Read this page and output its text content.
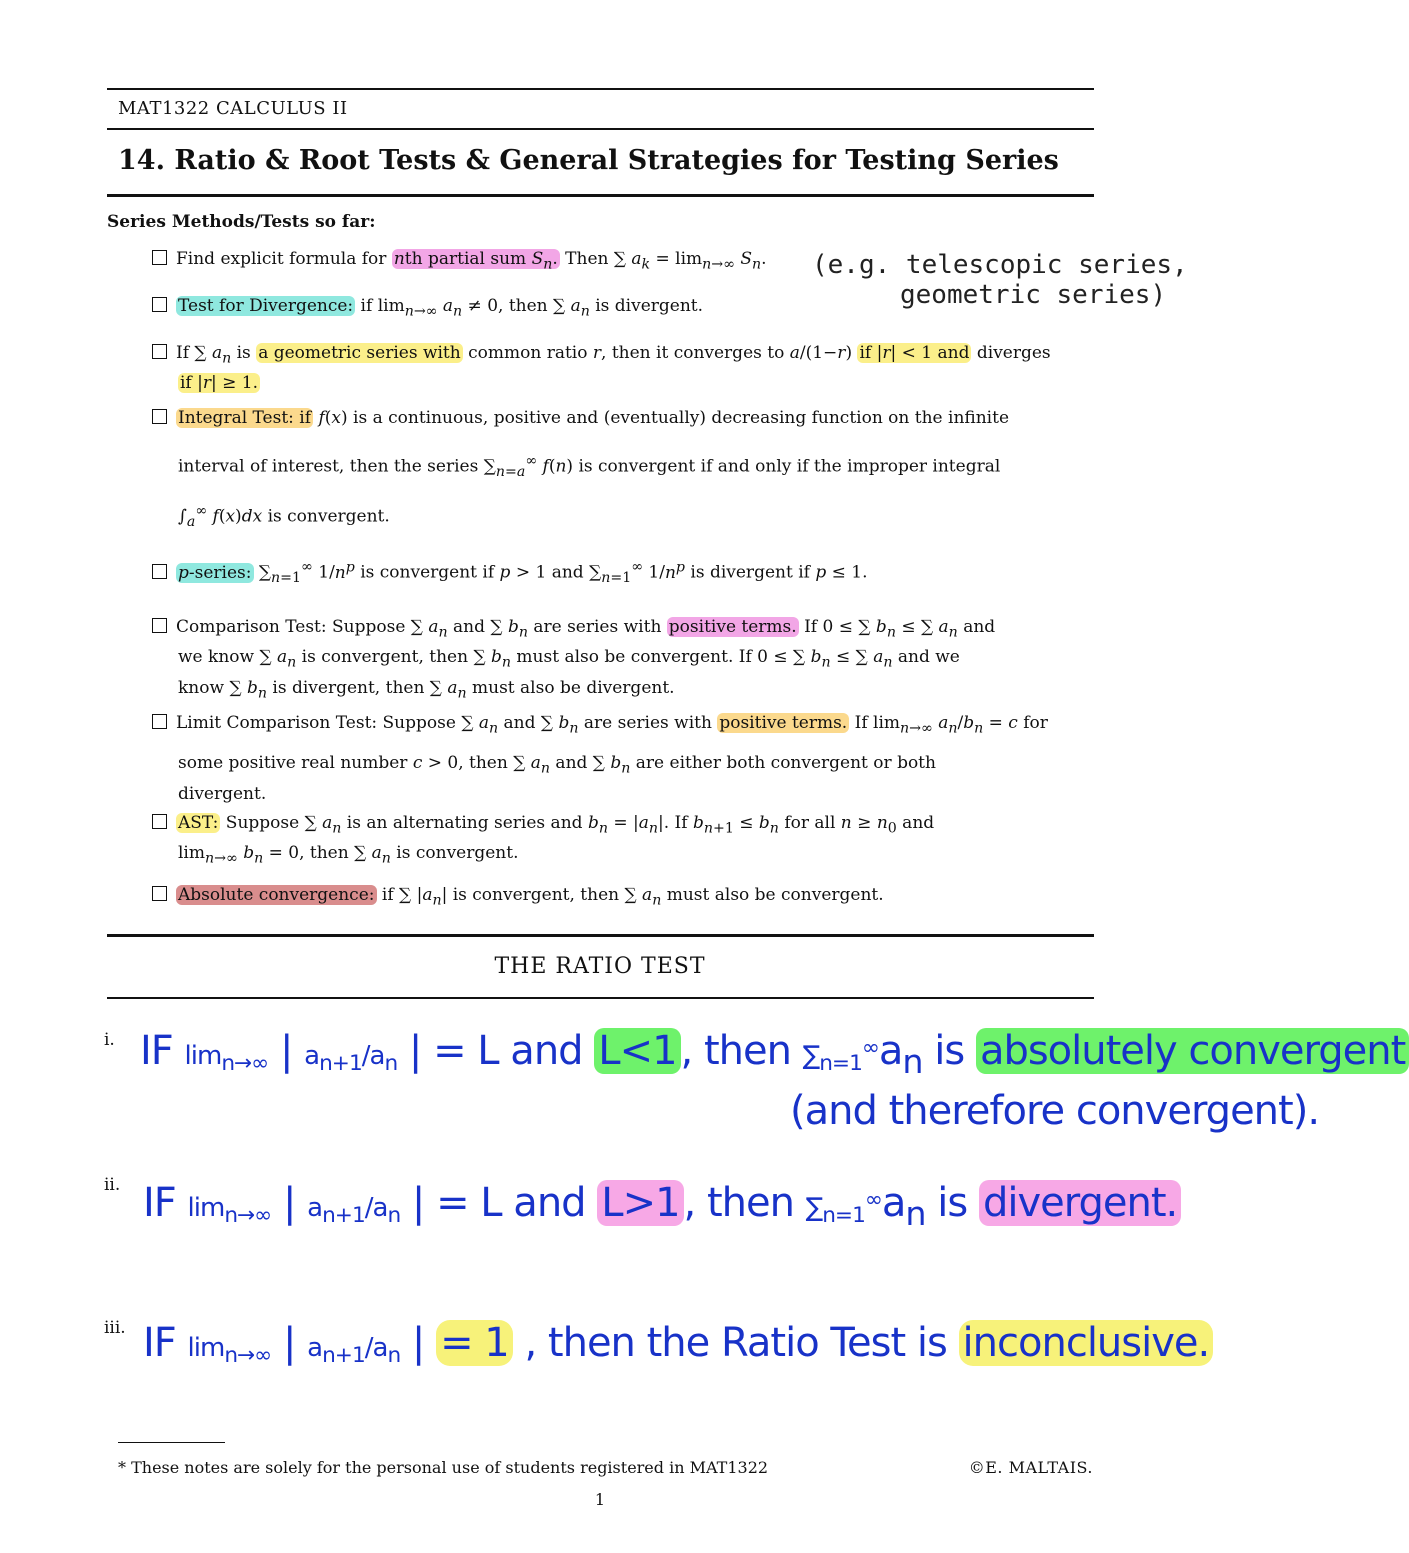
MAT1322 CALCULUS II
14. Ratio & Root Tests & General Strategies for Testing Series
Series Methods/Tests so far:
Find explicit formula for nth partial sum $S_n$. Then ∑ $a_k = \lim_{n\to\infty} S_n$.	(e.g. telescopic series,
geometric series)
Test for Divergence: if $\lim_{n\to\infty} a_n \ne 0$, then ∑ $a_n$ is divergent.
If ∑ $a_n$ is a geometric series with common ratio r, then it converges to a/(1−r) if |r| < 1 and diverges
if |r| ≥ 1.
Integral Test: if f(x) is a continuous, positive and (eventually) decreasing function on the infinite

interval of interest, then the series $\sum_{n=a}^\infty$ f(n) is convergent if and only if the improper integral
$\int_a^\infty$ f(x)dx is convergent.
p-series: $\sum_{n=1}^\infty$ $1/n^p$ is convergent if p > 1 and $\sum_{n=1}^\infty$ $1/n^p$ is divergent if p ≤ 1.
Comparison Test: Suppose ∑ $a_n$ and ∑ $b_n$ are series with positive terms. If 0 ≤ ∑ $b_n$ ≤ ∑ $a_n$ and
we know ∑ $a_n$ is convergent, then ∑ $b_n$ must also be convergent. If 0 ≤ ∑ $b_n$ ≤ ∑ $a_n$ and we
know ∑ $b_n$ is divergent, then ∑ $a_n$ must also be divergent.
Limit Comparison Test: Suppose ∑ $a_n$ and ∑ $b_n$ are series with positive terms. If $\lim_{n\to\infty} a_n/b_n = c$ for

some positive real number c > 0, then ∑ $a_n$ and ∑ $b_n$ are either both convergent or both
divergent.
AST: Suppose ∑ $a_n$ is an alternating series and $b_n = |a_n|$. If $b_{n+1} \le b_n$ for all $n \ge n_0$ and
$\lim_{n\to\infty} b_n = 0$, then ∑ $a_n$ is convergent.
Absolute convergence: if ∑ $|a_n|$ is convergent, then ∑ $a_n$ must also be convergent.
THE RATIO TEST
i. IF $\lim_{n\to\infty}$ | $a_{n+1}/a_n$ | = L and L<1 , then $\sum_{n=1}^\infty a_n$ is absolutely convergent
(and therefore convergent).
ii. IF $\lim_{n\to\infty}$ | $a_{n+1}/a_n$ | = L and L>1 , then $\sum_{n=1}^\infty a_n$ is divergent.
iii. IF $\lim_{n\to\infty}$ | $a_{n+1}/a_n$ | = 1 , then the Ratio Test is inconclusive.
* These notes are solely for the personal use of students registered in MAT1322	©E. MALTAIS.
1
